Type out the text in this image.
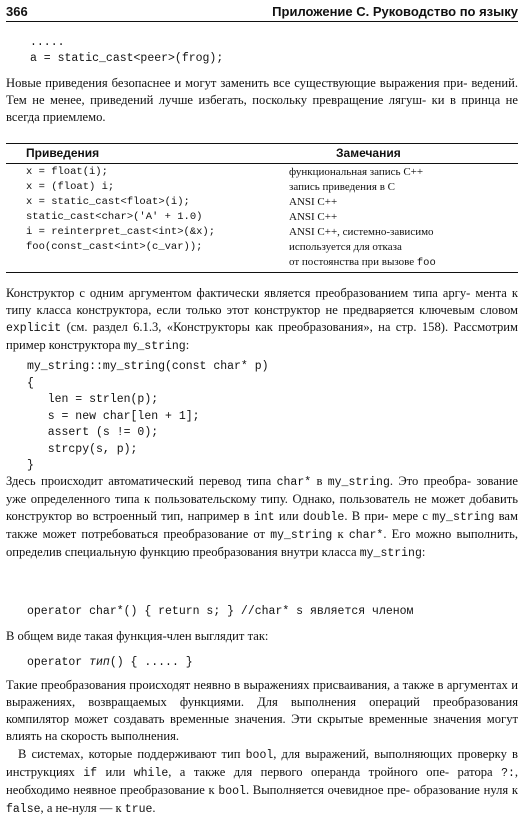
366	Приложение С. Руководство по языку
.....
a = static_cast<peer>(frog);

Новые приведения безопаснее и могут заменить все существующие выражения при- ведений. Тем не менее, приведений лучше избегать, поскольку превращение лягуш- ки в принца не всегда приемлемо.

Приведения	Замечания
x = float(i);	функциональная запись С++
x = (float) i;	запись приведения в С
x = static_cast<float>(i);	ANSI C++
static_cast<char>('A' + 1.0)	ANSI C++
i = reinterpret_cast<int>(&x);	ANSI С++, системно-зависимо
foo(const_cast<int>(c_var));	используется для отказа
от постоянства при вызове foo

Конструктор с одним аргументом фактически является преобразованием типа аргу- мента к типу класса конструктора, если только этот конструктор не предваряется ключевым словом explicit (см. раздел 6.1.3, «Конструкторы как преобразования», на стр. 158). Рассмотрим пример конструктора my_string:

my_string::my_string(const char* p)
{
len = strlen(p);
s = new char[len + 1];
assert (s != 0);
strcpy(s, p);
}

Здесь происходит автоматический перевод типа char* в my_string. Это преобра- зование уже определенного типа к пользовательскому типу. Однако, пользователь не может добавить конструктор во встроенный тип, например в int или double. В при- мере с my_string вам также может потребоваться преобразование от my_string к char*. Его можно выполнить, определив специальную функцию преобразования внутри класса my_string:

operator char*() { return s; } //char* s является членом

В общем виде такая функция-член выглядит так:

operator тип() { ..... }

Такие преобразования происходят неявно в выражениях присваивания, а также в аргументах и выражениях, возвращаемых функциями. Для выполнения операций преобразования компилятор может создавать временные значения. Эти скрытые временные значения могут влиять на скорость выполнения.

В системах, которые поддерживают тип bool, для выражений, выполняющих проверку в инструкциях if или while, а также для первого операнда тройного опе- ратора ?:, необходимо неявное преобразование к bool. Выполняется очевидное пре- образование нуля к false, а не-нуля — к true.
